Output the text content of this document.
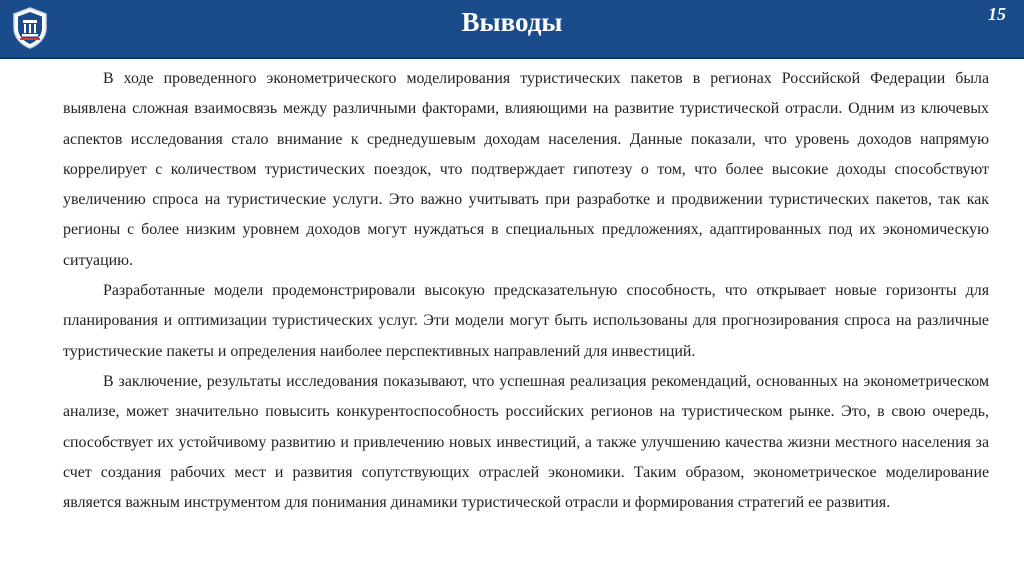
Выводы	15

В ходе проведенного эконометрического моделирования туристических пакетов в регионах Российской Федерации была выявлена сложная взаимосвязь между различными факторами, влияющими на развитие туристической отрасли. Одним из ключевых аспектов исследования стало внимание к среднедушевым доходам населения. Данные показали, что уровень доходов напрямую коррелирует с количеством туристических поездок, что подтверждает гипотезу о том, что более высокие доходы способствуют увеличению спроса на туристические услуги. Это важно учитывать при разработке и продвижении туристических пакетов, так как регионы с более низким уровнем доходов могут нуждаться в специальных предложениях, адаптированных под их экономическую ситуацию.

Разработанные модели продемонстрировали высокую предсказательную способность, что открывает новые горизонты для планирования и оптимизации туристических услуг. Эти модели могут быть использованы для прогнозирования спроса на различные туристические пакеты и определения наиболее перспективных направлений для инвестиций.

В заключение, результаты исследования показывают, что успешная реализация рекомендаций, основанных на эконометрическом анализе, может значительно повысить конкурентоспособность российских регионов на туристическом рынке. Это, в свою очередь, способствует их устойчивому развитию и привлечению новых инвестиций, а также улучшению качества жизни местного населения за счет создания рабочих мест и развития сопутствующих отраслей экономики. Таким образом, эконометрическое моделирование является важным инструментом для понимания динамики туристической отрасли и формирования стратегий ее развития.
